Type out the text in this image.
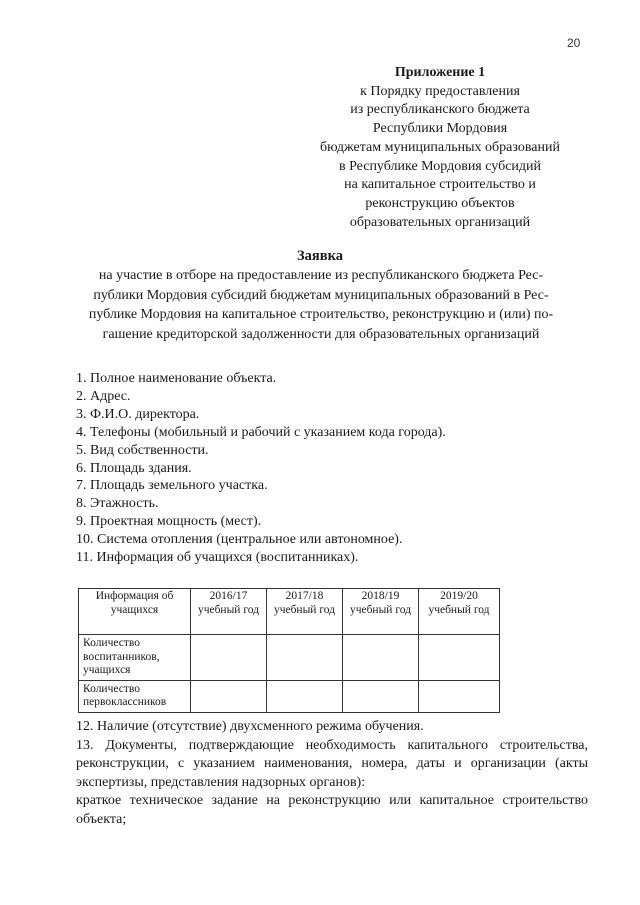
20
Приложение 1
к Порядку предоставления
из республиканского бюджета
Республики Мордовия
бюджетам муниципальных образований
в Республике Мордовия субсидий
на капитальное строительство и
реконструкцию объектов
образовательных организаций
Заявка
на участие в отборе на предоставление из республиканского бюджета Рес-
публики Мордовия субсидий бюджетам муниципальных образований в Рес-
публике Мордовия на капитальное строительство, реконструкцию и (или) по-
гашение кредиторской задолженности для образовательных организаций
1. Полное наименование объекта.
2. Адрес.
3. Ф.И.О. директора.
4. Телефоны (мобильный и рабочий с указанием кода города).
5. Вид собственности.
6. Площадь здания.
7. Площадь земельного участка.
8. Этажность.
9. Проектная мощность (мест).
10. Система отопления (центральное или автономное).
11. Информация об учащихся (воспитанниках).
Информация об учащихся	2016/17 учебный год	2017/18 учебный год	2018/19 учебный год	2019/20 учебный год
Количество воспитанников, учащихся				
Количество первоклассников				
12. Наличие (отсутствие) двухсменного режима обучения.
13. Документы, подтверждающие необходимость капитального строительства, реконструкции, с указанием наименования, номера, даты и организации (акты экспертизы, представления надзорных органов):
краткое техническое задание на реконструкцию или капитальное строительство объекта;
